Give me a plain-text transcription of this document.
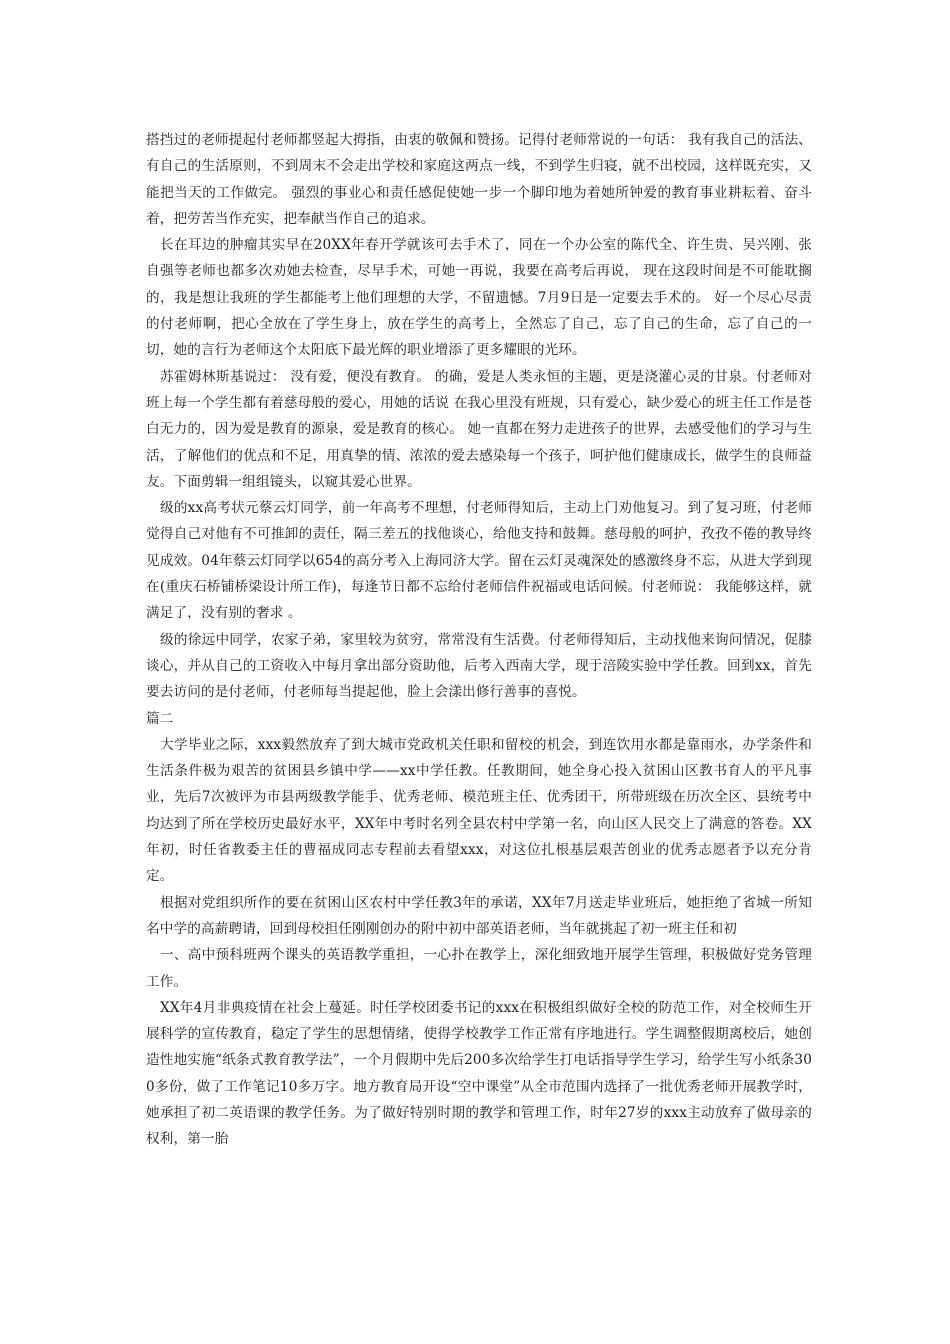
搭挡过的老师提起付老师都竖起大拇指，由衷的敬佩和赞扬。记得付老师常说的一句话： 我有我自己的活法、有自己的生活原则，不到周末不会走出学校和家庭这两点一线，不到学生归寝，就不出校园，这样既充实，又能把当天的工作做完。 强烈的事业心和责任感促使她一步一个脚印地为着她所钟爱的教育事业耕耘着、奋斗着，把劳苦当作充实，把奉献当作自己的追求。

长在耳边的肿瘤其实早在20XX年春开学就该可去手术了，同在一个办公室的陈代全、许生贵、吴兴刚、张自强等老师也都多次劝她去检查，尽早手术，可她一再说，我要在高考后再说， 现在这段时间是不可能耽搁的，我是想让我班的学生都能考上他们理想的大学，不留遗憾。7月9日是一定要去手术的。 好一个尽心尽责的付老师啊，把心全放在了学生身上，放在学生的高考上，全然忘了自己，忘了自己的生命，忘了自己的一切，她的言行为老师这个太阳底下最光辉的职业增添了更多耀眼的光环。

苏霍姆林斯基说过： 没有爱，便没有教育。 的确，爱是人类永恒的主题，更是浇灌心灵的甘泉。付老师对班上每一个学生都有着慈母般的爱心，用她的话说 在我心里没有班规，只有爱心，缺少爱心的班主任工作是苍白无力的，因为爱是教育的源泉，爱是教育的核心。 她一直都在努力走进孩子的世界，去感受他们的学习与生活，了解他们的优点和不足，用真挚的情、浓浓的爱去感染每一个孩子，呵护他们健康成长，做学生的良师益友。下面剪辑一组组镜头，以窥其爱心世界。

级的xx高考状元蔡云灯同学，前一年高考不理想，付老师得知后，主动上门劝他复习。到了复习班，付老师觉得自己对他有不可推卸的责任，隔三差五的找他谈心，给他支持和鼓舞。慈母般的呵护，孜孜不倦的教导终见成效。04年蔡云灯同学以654的高分考入上海同济大学。留在云灯灵魂深处的感激终身不忘，从进大学到现在(重庆石桥铺桥梁设计所工作)，每逢节日都不忘给付老师信件祝福或电话问候。付老师说： 我能够这样，就满足了，没有别的奢求 。

级的徐远中同学，农家子弟，家里较为贫穷，常常没有生活费。付老师得知后，主动找他来询问情况，促膝谈心，并从自己的工资收入中每月拿出部分资助他，后考入西南大学，现于涪陵实验中学任教。回到xx，首先要去访问的是付老师，付老师每当提起他，脸上会漾出修行善事的喜悦。

篇二

大学毕业之际，xxx毅然放弃了到大城市党政机关任职和留校的机会，到连饮用水都是靠雨水，办学条件和生活条件极为艰苦的贫困县乡镇中学——xx中学任教。任教期间，她全身心投入贫困山区教书育人的平凡事业，先后7次被评为市县两级教学能手、优秀老师、模范班主任、优秀团干，所带班级在历次全区、县统考中均达到了所在学校历史最好水平，XX年中考时名列全县农村中学第一名，向山区人民交上了满意的答卷。XX年初，时任省教委主任的曹福成同志专程前去看望xxx，对这位扎根基层艰苦创业的优秀志愿者予以充分肯定。

根据对党组织所作的要在贫困山区农村中学任教3年的承诺，XX年7月送走毕业班后，她拒绝了省城一所知名中学的高薪聘请，回到母校担任刚刚创办的附中初中部英语老师，当年就挑起了初一班主任和初

一、高中预科班两个课头的英语教学重担，一心扑在教学上，深化细致地开展学生管理，积极做好党务管理工作。

XX年4月非典疫情在社会上蔓延。时任学校团委书记的xxx在积极组织做好全校的防范工作，对全校师生开展科学的宣传教育，稳定了学生的思想情绪，使得学校教学工作正常有序地进行。学生调整假期离校后，她创造性地实施“纸条式教育教学法”，一个月假期中先后200多次给学生打电话指导学生学习，给学生写小纸条300多份，做了工作笔记10多万字。地方教育局开设“空中课堂”从全市范围内选择了一批优秀老师开展教学时，她承担了初二英语课的教学任务。为了做好特别时期的教学和管理工作，时年27岁的xxx主动放弃了做母亲的权利，第一胎
